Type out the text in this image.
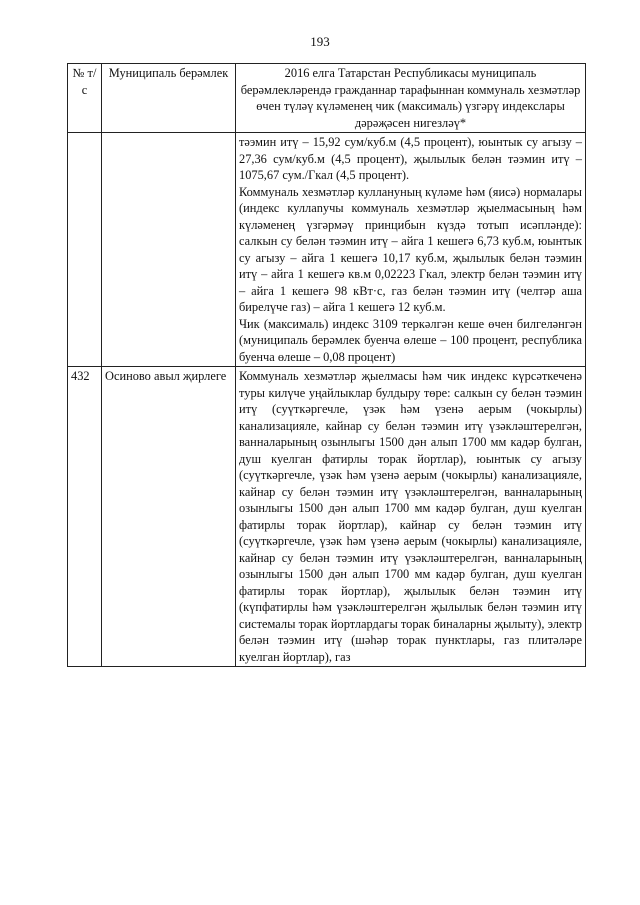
193
№ т/с	Муниципаль берәмлек	2016 елга Татарстан Республикасы муниципаль берәмлекләрендә гражданнар тарафыннан коммуналь хезмәтләр өчен түләү күләменең чик (максималь) үзгәрү индекслары дәрәҗәсен нигезләү*

		тәэмин итү – 15,92 сум/куб.м (4,5 процент), юынтык су агызу – 27,36 сум/куб.м (4,5 процент), җылылык белән тәэмин итү – 1075,67 сум./Гкал (4,5 процент).

Коммуналь хезмәтләр куллануның күләме һәм (яисә) нормалары (индекс куллanучы коммуналь хезмәтләр җыелмасының һәм күләменең үзгәрмәү принцибын күздә тотып исәпләнде): салкын су белән тәэмин итү – айга 1 кешегә 6,73 куб.м, юынтык су агызу – айга 1 кешегә 10,17 куб.м, җылылык белән тәэмин итү – айга 1 кешегә кв.м 0,02223 Гкал, электр белән тәэмин итү – айга 1 кешегә 98 кВт·с, газ белән тәэмин итү (челтәр аша бирелүче газ) – айга 1 кешегә 12 куб.м.

Чик (максималь) индекс 3109 теркәлгән кеше өчен билгеләнгән (муниципаль берәмлек буенча өлеше – 100 процент, республика буенча өлеше – 0,08 процент)

432	Осиново авыл җирлеге	Коммуналь хезмәтләр җыелмасы һәм чик индекс күрсәткеченә туры килүче уңайлыклар булдыру төре: салкын су белән тәэмин итү (суүткәргечле, үзәк һәм үзенә аерым (чокырлы) канализацияле, кайнар су белән тәэмин итү үзәкләштерелгән, ванналарының озынлыгы 1500 дән алып 1700 мм кадәр булган, душ куелган фатирлы торак йортлар), юынтык су агызу (суүткәргечле, үзәк һәм үзенә аерым (чокырлы) канализацияле, кайнар су белән тәэмин итү үзәкләштерелгән, ванналарының озынлыгы 1500 дән алып 1700 мм кадәр булган, душ куелган фатирлы торак йортлар), кайнар су белән тәэмин итү (суүткәргечле, үзәк һәм үзенә аерым (чокырлы) канализацияле, кайнар су белән тәэмин итү үзәкләштерелгән, ванналарының озынлыгы 1500 дән алып 1700 мм кадәр булган, душ куелган фатирлы торак йортлар), җылылык белән тәэмин итү (күпфатирлы һәм үзәкләштерелгән җылылык белән тәэмин итү системалы торак йортлардагы торак биналарны җылыту), электр белән тәэмин итү (шәһәр торак пунктлары, газ плитәләре куелган йортлар), газ
